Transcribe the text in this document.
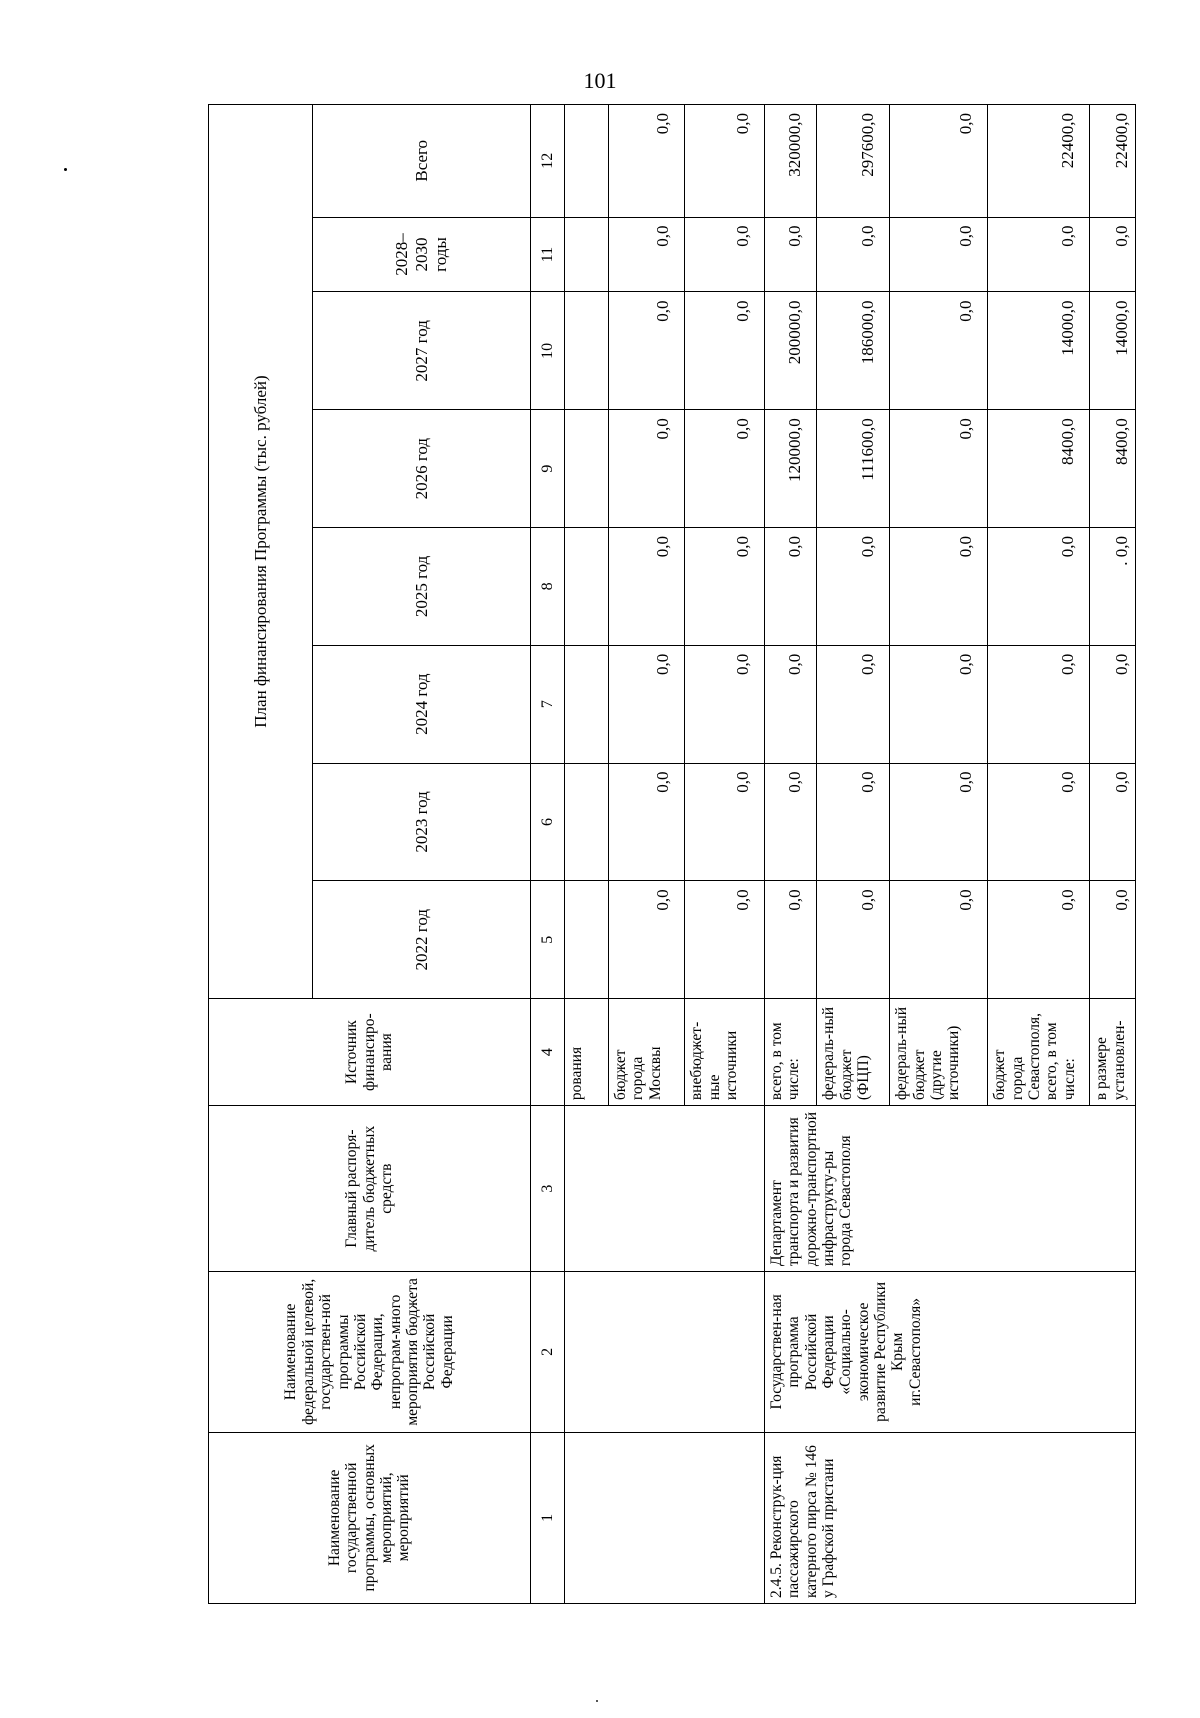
101
Наименование государственной программы, основных мероприятий, мероприятий	Наименование федеральной целевой, государствен-ной программы Российской Федерации, непрограм-много мероприятия бюджета Российской Федерации	Главный распоря-дитель бюджетных средств	Источник финансиро-вания	План финансирования Программы (тыс. рублей)							
				2022 год	2023 год	2024 год	2025 год	2026 год	2027 год	2028–2030 годы	Всего
1	2	3	4	5	6	7	8	9	10	11	12
			рования								
			бюджет города Москвы	0,0	0,0	0,0	0,0	0,0	0,0	0,0	0,0
			внебюджет-ные источники	0,0	0,0	0,0	0,0	0,0	0,0	0,0	0,0
2.4.5. Реконструк-ция пассажирского катерного пирса № 146 у Графской пристани	Государствен-ная программа Российской Федерации «Социально-экономическое развитие Республики Крым иг.Севастополя»	Департамент транспорта и развития дорожно-транспортной инфраструкту-ры города Севастополя	всего, в том числе:	0,0	0,0	0,0	0,0	120000,0	200000,0	0,0	320000,0
			федераль-ный бюджет (ФЦП)	0,0	0,0	0,0	0,0	111600,0	186000,0	0,0	297600,0
			федераль-ный бюджет (другие источники)	0,0	0,0	0,0	0,0	0,0	0,0	0,0	0,0
			бюджет города Севастополя, всего, в том числе:	0,0	0,0	0,0	0,0	8400,0	14000,0	0,0	22400,0
			в размере установлен-	0,0	0,0	0,0	. 0,0	8400,0	14000,0	0,0	22400,0
